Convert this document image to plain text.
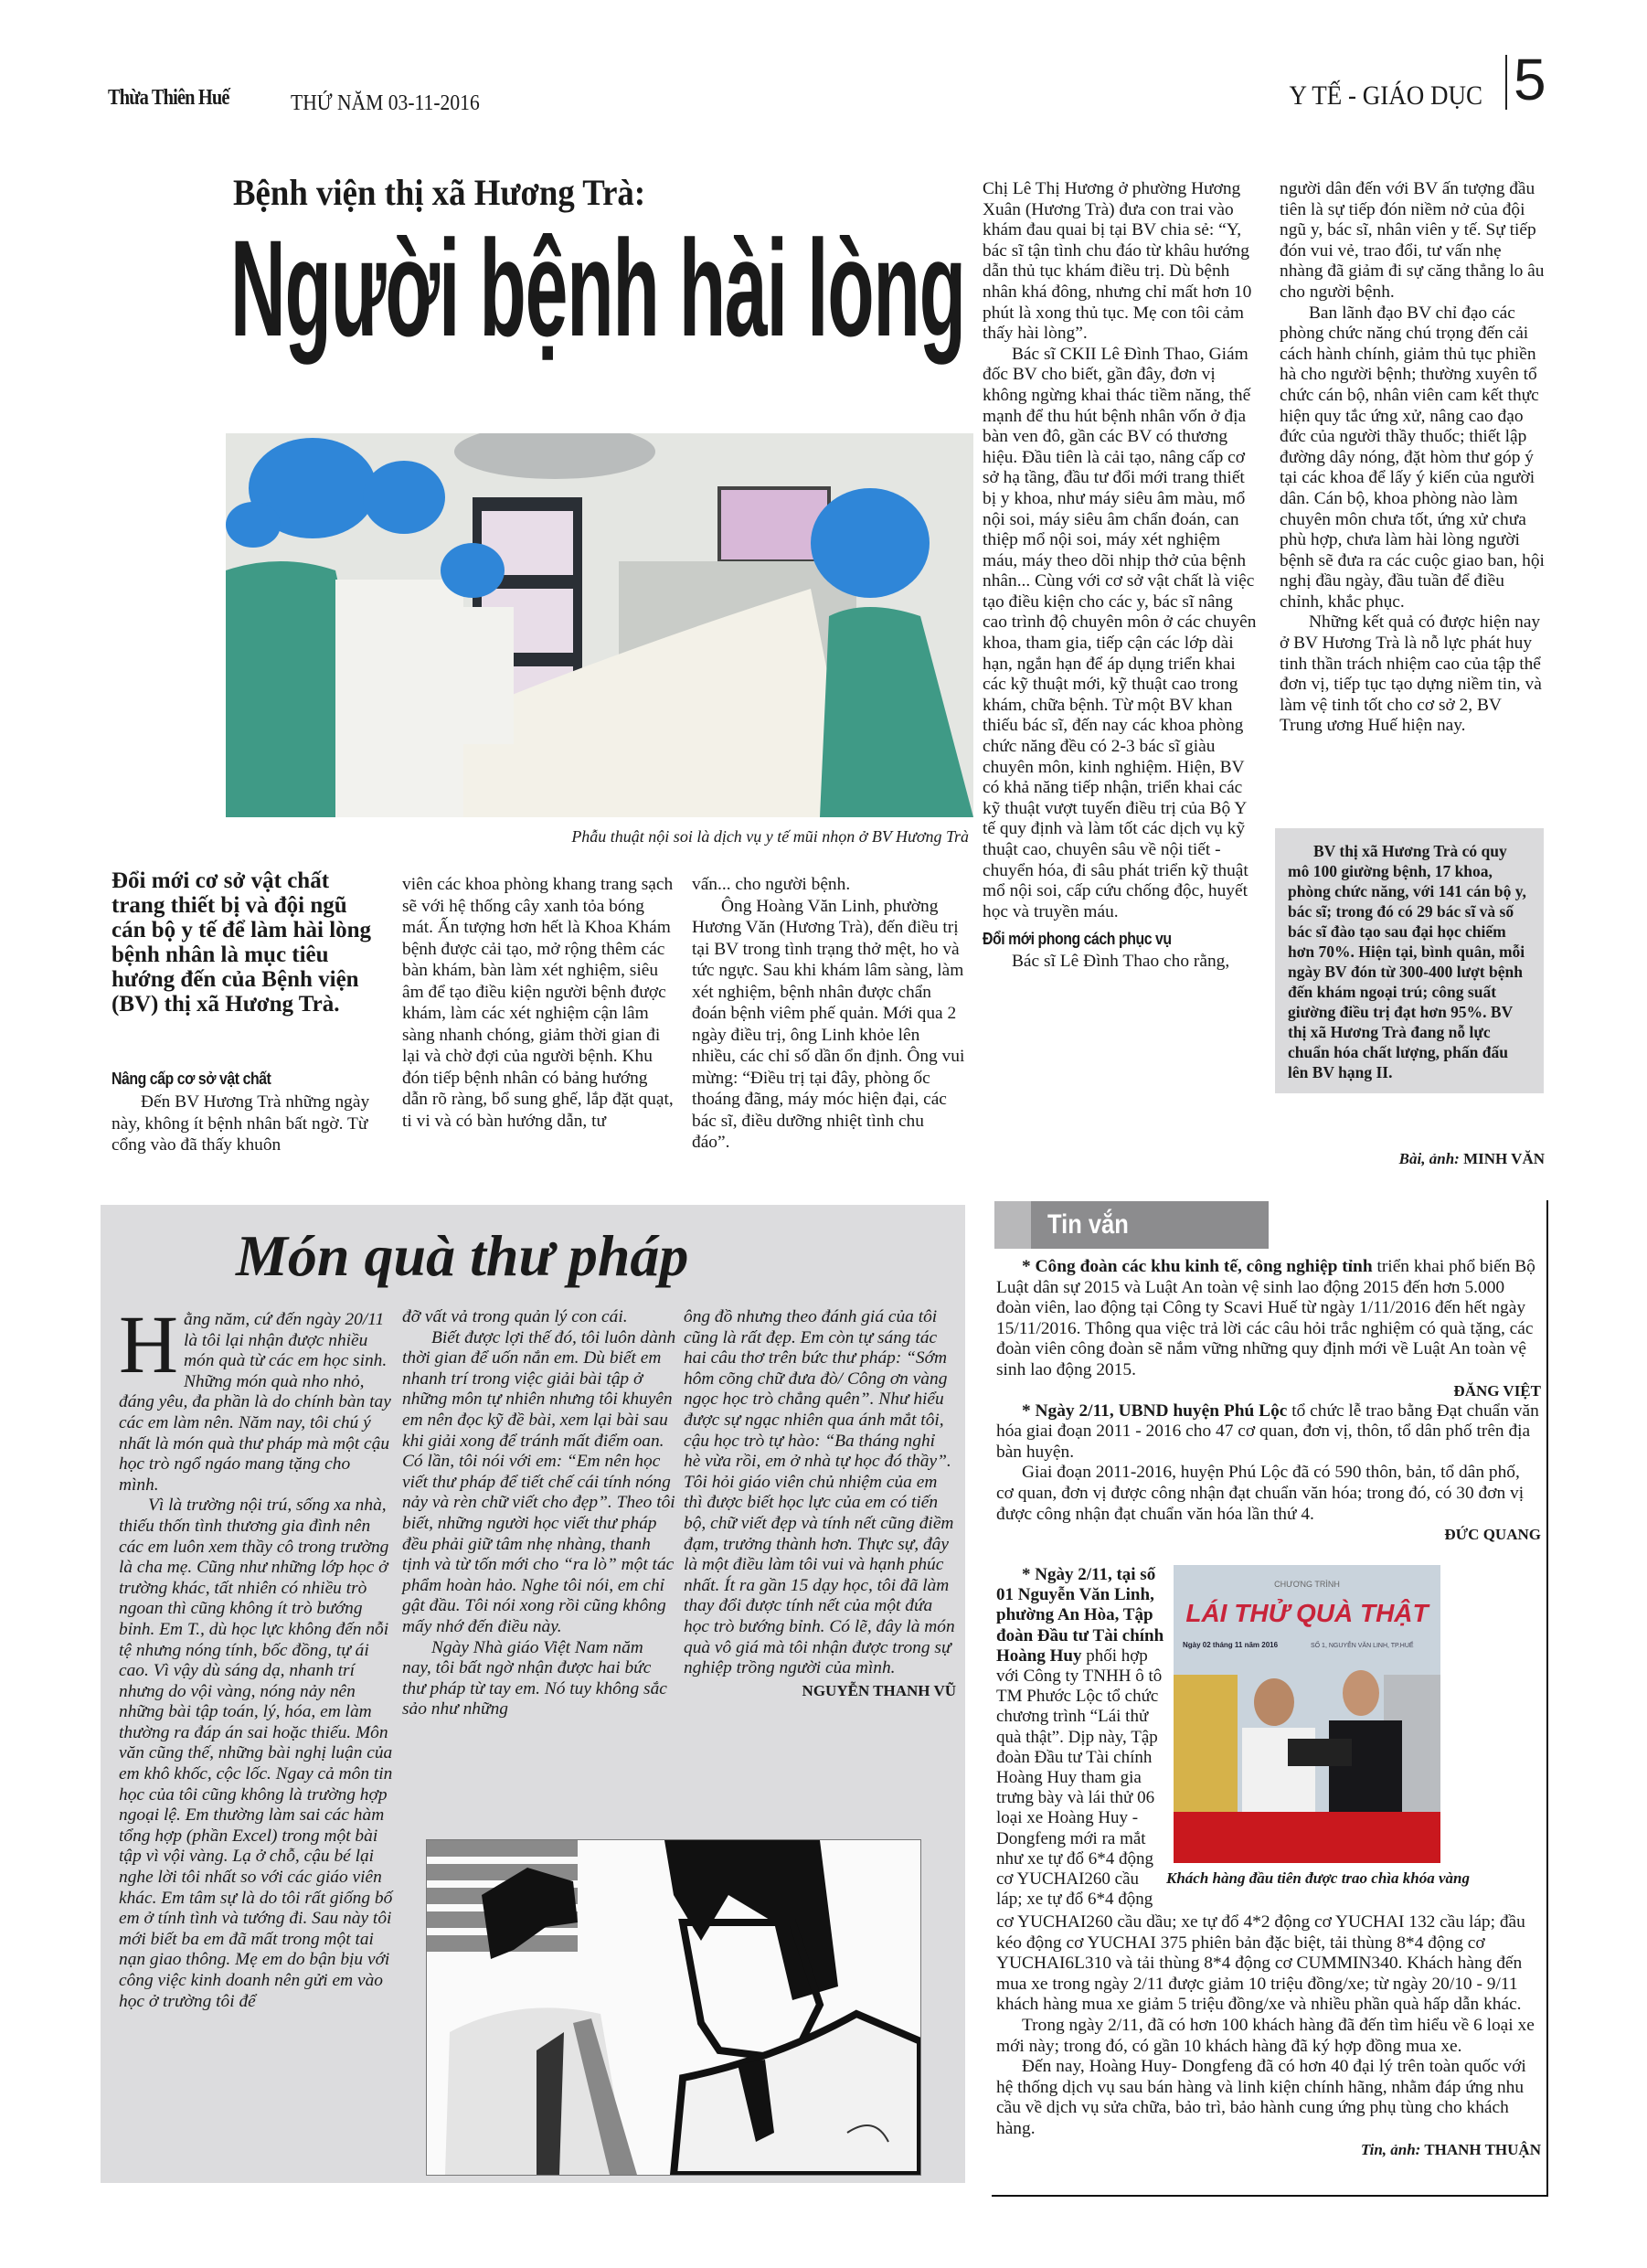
Thừa Thiên Huế	THỨ NĂM 03-11-2016	Y TẾ - GIÁO DỤC 5
Bệnh viện thị xã Hương Trà:
Người bệnh hài lòng
Phẫu thuật nội soi là dịch vụ y tế mũi nhọn ở BV Hương Trà
Đổi mới cơ sở vật chất trang thiết bị và đội ngũ cán bộ y tế để làm hài lòng bệnh nhân là mục tiêu hướng đến của Bệnh viện (BV) thị xã Hương Trà.
Nâng cấp cơ sở vật chất

Đến BV Hương Trà những ngày này, không ít bệnh nhân bất ngờ. Từ cổng vào đã thấy khuôn

viên các khoa phòng khang trang sạch sẽ với hệ thống cây xanh tỏa bóng mát. Ấn tượng hơn hết là Khoa Khám bệnh được cải tạo, mở rộng thêm các bàn khám, bàn làm xét nghiệm, siêu âm để tạo điều kiện người bệnh được khám, làm các xét nghiệm cận lâm sàng nhanh chóng, giảm thời gian đi lại và chờ đợi của người bệnh. Khu đón tiếp bệnh nhân có bảng hướng dẫn rõ ràng, bổ sung ghế, lắp đặt quạt, ti vi và có bàn hướng dẫn, tư

vấn... cho người bệnh.

Ông Hoàng Văn Linh, phường Hương Văn (Hương Trà), đến điều trị tại BV trong tình trạng thở mệt, ho và tức ngực. Sau khi khám lâm sàng, làm xét nghiệm, bệnh nhân được chẩn đoán bệnh viêm phế quản. Mới qua 2 ngày điều trị, ông Linh khỏe lên nhiều, các chỉ số dần ổn định. Ông vui mừng: “Điều trị tại đây, phòng ốc thoáng đãng, máy móc hiện đại, các bác sĩ, điều dưỡng nhiệt tình chu đáo”.

Chị Lê Thị Hương ở phường Hương Xuân (Hương Trà) đưa con trai vào khám đau quai bị tại BV chia sẻ: “Y, bác sĩ tận tình chu đáo từ khâu hướng dẫn thủ tục khám điều trị. Dù bệnh nhân khá đông, nhưng chỉ mất hơn 10 phút là xong thủ tục. Mẹ con tôi cảm thấy hài lòng”.

Bác sĩ CKII Lê Đình Thao, Giám đốc BV cho biết, gần đây, đơn vị không ngừng khai thác tiềm năng, thế mạnh để thu hút bệnh nhân vốn ở địa bàn ven đô, gần các BV có thương hiệu. Đầu tiên là cải tạo, nâng cấp cơ sở hạ tầng, đầu tư đổi mới trang thiết bị y khoa, như máy siêu âm màu, mổ nội soi, máy siêu âm chẩn đoán, can thiệp mổ nội soi, máy xét nghiệm máu, máy theo dõi nhịp thở của bệnh nhân... Cùng với cơ sở vật chất là việc tạo điều kiện cho các y, bác sĩ nâng cao trình độ chuyên môn ở các chuyên khoa, tham gia, tiếp cận các lớp dài hạn, ngắn hạn để áp dụng triển khai các kỹ thuật mới, kỹ thuật cao trong khám, chữa bệnh. Từ một BV khan thiếu bác sĩ, đến nay các khoa phòng chức năng đều có 2-3 bác sĩ giàu chuyên môn, kinh nghiệm. Hiện, BV có khả năng tiếp nhận, triển khai các kỹ thuật vượt tuyến điều trị của Bộ Y tế quy định và làm tốt các dịch vụ kỹ thuật cao, chuyên sâu về nội tiết - chuyển hóa, đi sâu phát triển kỹ thuật mổ nội soi, cấp cứu chống độc, huyết học và truyền máu.

Đổi mới phong cách phục vụ

Bác sĩ Lê Đình Thao cho rằng,

người dân đến với BV ấn tượng đầu tiên là sự tiếp đón niềm nở của đội ngũ y, bác sĩ, nhân viên y tế. Sự tiếp đón vui vẻ, trao đổi, tư vấn nhẹ nhàng đã giảm đi sự căng thẳng lo âu cho người bệnh.

Ban lãnh đạo BV chỉ đạo các phòng chức năng chú trọng đến cải cách hành chính, giảm thủ tục phiền hà cho người bệnh; thường xuyên tổ chức cán bộ, nhân viên cam kết thực hiện quy tắc ứng xử, nâng cao đạo đức của người thầy thuốc; thiết lập đường dây nóng, đặt hòm thư góp ý tại các khoa để lấy ý kiến của người dân. Cán bộ, khoa phòng nào làm chuyên môn chưa tốt, ứng xử chưa phù hợp, chưa làm hài lòng người bệnh sẽ đưa ra các cuộc giao ban, hội nghị đầu ngày, đầu tuần để điều chỉnh, khắc phục.

Những kết quả có được hiện nay ở BV Hương Trà là nỗ lực phát huy tinh thần trách nhiệm cao của tập thể đơn vị, tiếp tục tạo dựng niềm tin, và làm vệ tinh tốt cho cơ sở 2, BV Trung ương Huế hiện nay.

BV thị xã Hương Trà có quy mô 100 giường bệnh, 17 khoa, phòng chức năng, với 141 cán bộ y, bác sĩ; trong đó có 29 bác sĩ và số bác sĩ đào tạo sau đại học chiếm hơn 70%. Hiện tại, bình quân, mỗi ngày BV đón từ 300-400 lượt bệnh đến khám ngoại trú; công suất giường điều trị đạt hơn 95%. BV thị xã Hương Trà đang nỗ lực chuẩn hóa chất lượng, phấn đấu lên BV hạng II.

Bài, ảnh: MINH VĂN
Món quà thư pháp

Hằng năm, cứ đến ngày 20/11 là tôi lại nhận được nhiều món quà từ các em học sinh. Những món quà nho nhỏ, đáng yêu, đa phần là do chính bàn tay các em làm nên. Năm nay, tôi chú ý nhất là món quà thư pháp mà một cậu học trò ngổ ngáo mang tặng cho mình.

Vì là trường nội trú, sống xa nhà, thiếu thốn tình thương gia đình nên các em luôn xem thầy cô trong trường là cha mẹ. Cũng như những lớp học ở trường khác, tất nhiên có nhiều trò ngoan thì cũng không ít trò bướng bỉnh. Em T., dù học lực không đến nỗi tệ nhưng nóng tính, bốc đồng, tự ái cao. Vì vậy dù sáng dạ, nhanh trí nhưng do vội vàng, nóng nảy nên những bài tập toán, lý, hóa, em làm thường ra đáp án sai hoặc thiếu. Môn văn cũng thế, những bài nghị luận của em khô khốc, cộc lốc. Ngay cả môn tin học của tôi cũng không là trường hợp ngoại lệ. Em thường làm sai các hàm tổng hợp (phần Excel) trong một bài tập vì vội vàng. Lạ ở chỗ, cậu bé lại nghe lời tôi nhất so với các giáo viên khác. Em tâm sự là do tôi rất giống bố em ở tính tình và tướng đi. Sau này tôi mới biết ba em đã mất trong một tai nạn giao thông. Mẹ em do bận bịu với công việc kinh doanh nên gửi em vào học ở trường tôi để

đỡ vất vả trong quản lý con cái.

Biết được lợi thế đó, tôi luôn dành thời gian để uốn nắn em. Dù biết em nhanh trí trong việc giải bài tập ở những môn tự nhiên nhưng tôi khuyên em nên đọc kỹ đề bài, xem lại bài sau khi giải xong để tránh mất điểm oan. Có lần, tôi nói với em: “Em nên học viết thư pháp để tiết chế cái tính nóng nảy và rèn chữ viết cho đẹp”. Theo tôi biết, những người học viết thư pháp đều phải giữ tâm nhẹ nhàng, thanh tịnh và từ tốn mới cho “ra lò” một tác phẩm hoàn hảo. Nghe tôi nói, em chỉ gật đầu. Tôi nói xong rồi cũng không mấy nhớ đến điều này.

Ngày Nhà giáo Việt Nam năm nay, tôi bất ngờ nhận được hai bức thư pháp từ tay em. Nó tuy không sắc sảo như những

ông đồ nhưng theo đánh giá của tôi cũng là rất đẹp. Em còn tự sáng tác hai câu thơ trên bức thư pháp: “Sớm hôm cõng chữ đưa đò/ Công ơn vàng ngọc học trò chẳng quên”. Như hiểu được sự ngạc nhiên qua ánh mắt tôi, cậu học trò tự hào: “Ba tháng nghỉ hè vừa rồi, em ở nhà tự học đó thầy”. Tôi hỏi giáo viên chủ nhiệm của em thì được biết học lực của em có tiến bộ, chữ viết đẹp và tính nết cũng điềm đạm, trưởng thành hơn. Thực sự, đây là một điều làm tôi vui và hạnh phúc nhất. Ít ra gần 15 dạy học, tôi đã làm thay đổi được tính nết của một đứa học trò bướng bỉnh. Có lẽ, đây là món quà vô giá mà tôi nhận được trong sự nghiệp trồng người của mình.

NGUYỄN THANH VŨ
Tin vắn

* Công đoàn các khu kinh tế, công nghiệp tỉnh triển khai phổ biến Bộ Luật dân sự 2015 và Luật An toàn vệ sinh lao động 2015 đến hơn 5.000 đoàn viên, lao động tại Công ty Scavi Huế từ ngày 1/11/2016 đến hết ngày 15/11/2016. Thông qua việc trả lời các câu hỏi trắc nghiệm có quà tặng, các đoàn viên công đoàn sẽ nắm vững những quy định mới về Luật An toàn vệ sinh lao động 2015.

ĐĂNG VIỆT

* Ngày 2/11, UBND huyện Phú Lộc tổ chức lễ trao bằng Đạt chuẩn văn hóa giai đoạn 2011 - 2016 cho 47 cơ quan, đơn vị, thôn, tổ dân phố trên địa bàn huyện.

Giai đoạn 2011-2016, huyện Phú Lộc đã có 590 thôn, bản, tổ dân phố, cơ quan, đơn vị được công nhận đạt chuẩn văn hóa; trong đó, có 30 đơn vị được công nhận đạt chuẩn văn hóa lần thứ 4.

ĐỨC QUANG

* Ngày 2/11, tại số 01 Nguyễn Văn Linh, phường An Hòa, Tập đoàn Đầu tư Tài chính Hoàng Huy phối hợp với Công ty TNHH ô tô TM Phước Lộc tổ chức chương trình “Lái thử quà thật”. Dịp này, Tập đoàn Đầu tư Tài chính Hoàng Huy tham gia trưng bày và lái thử 06 loại xe Hoàng Huy - Dongfeng mới ra mắt như xe tự đổ 6*4 động cơ YUCHAI260 cầu láp; xe tự đổ 6*4 động

CHƯƠNG TRÌNH
LÁI THỬ QUÀ THẬT
Ngày 02 tháng 11 năm 2016	SỐ 1, NGUYỄN VĂN LINH, TP.HUẾ
Khách hàng đầu tiên được trao chìa khóa vàng

cơ YUCHAI260 cầu dầu; xe tự đổ 4*2 động cơ YUCHAI 132 cầu láp; đầu kéo động cơ YUCHAI 375 phiên bản đặc biệt, tải thùng 8*4 động cơ YUCHAI6L310 và tải thùng 8*4 động cơ CUMMIN340. Khách hàng đến mua xe trong ngày 2/11 được giảm 10 triệu đồng/xe; từ ngày 20/10 - 9/11 khách hàng mua xe giảm 5 triệu đồng/xe và nhiều phần quà hấp dẫn khác.

Trong ngày 2/11, đã có hơn 100 khách hàng đã đến tìm hiểu về 6 loại xe mới này; trong đó, có gần 10 khách hàng đã ký hợp đồng mua xe.

Đến nay, Hoàng Huy- Dongfeng đã có hơn 40 đại lý trên toàn quốc với hệ thống dịch vụ sau bán hàng và linh kiện chính hãng, nhằm đáp ứng nhu cầu về dịch vụ sửa chữa, bảo trì, bảo hành cung ứng phụ tùng cho khách hàng.

Tin, ảnh: THANH THUẬN
